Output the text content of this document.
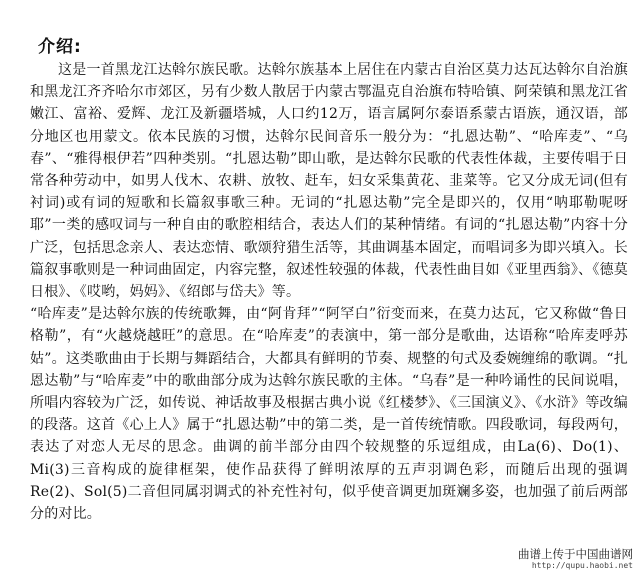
介绍:

这是一首黑龙江达斡尔族民歌。达斡尔族基本上居住在内蒙古自治区莫力达瓦达斡尔自治旗和黑龙江齐齐哈尔市郊区，另有少数人散居于内蒙古鄂温克自治旗布特哈镇、阿荣镇和黑龙江省嫩江、富裕、爱辉、龙江及新疆塔城，人口约12万，语言属阿尔泰语系蒙古语族，通汉语，部分地区也用蒙文。依本民族的习惯，达斡尔民间音乐一般分为：“扎恩达勒”、“哈库麦”、“乌春”、“雅得根伊若”四种类别。“扎恩达勒”即山歌，是达斡尔民歌的代表性体裁，主要传唱于日常各种劳动中，如男人伐木、农耕、放牧、赶车，妇女采集黄花、韭菜等。它又分成无词(但有衬词)或有词的短歌和长篇叙事歌三种。无词的“扎恩达勒”完全是即兴的，仅用“呐耶勒呢呀耶”一类的感叹词与一种自由的歌腔相结合，表达人们的某种情绪。有词的“扎恩达勒”内容十分广泛，包括思念亲人、表达恋情、歌颂狩猎生活等，其曲调基本固定，而唱词多为即兴填入。长篇叙事歌则是一种词曲固定，内容完整，叙述性较强的体裁，代表性曲目如《亚里西翁》、《德莫日根》、《哎哟，妈妈》、《绍郎与岱夫》等。

“哈库麦”是达斡尔族的传统歌舞，由“阿肯拜”“阿罕白”衍变而来，在莫力达瓦，它又称做“鲁日格勒”，有“火越烧越旺”的意思。在“哈库麦”的表演中，第一部分是歌曲，达语称“哈库麦呼苏姑”。这类歌曲由于长期与舞蹈结合，大都具有鲜明的节奏、规整的句式及委婉缠绵的歌调。“扎恩达勒”与“哈库麦”中的歌曲部分成为达斡尔族民歌的主体。“乌春”是一种吟诵性的民间说唱，所唱内容较为广泛，如传说、神话故事及根据古典小说《红楼梦》、《三国演义》、《水浒》等改编的段落。这首《心上人》属于“扎恩达勒”中的第二类，是一首传统情歌。四段歌词，每段两句，表达了对恋人无尽的思念。曲调的前半部分由四个较规整的乐逗组成，由La(6)、Do(1)、Mi(3)三音构成的旋律框架，使作品获得了鲜明浓厚的五声羽调色彩，而随后出现的强调Re(2)、Sol(5)二音但同属羽调式的补充性衬句，似乎使音调更加斑斓多姿，也加强了前后两部分的对比。

曲谱上传于中国曲谱网
http://qupu.haobi.net
